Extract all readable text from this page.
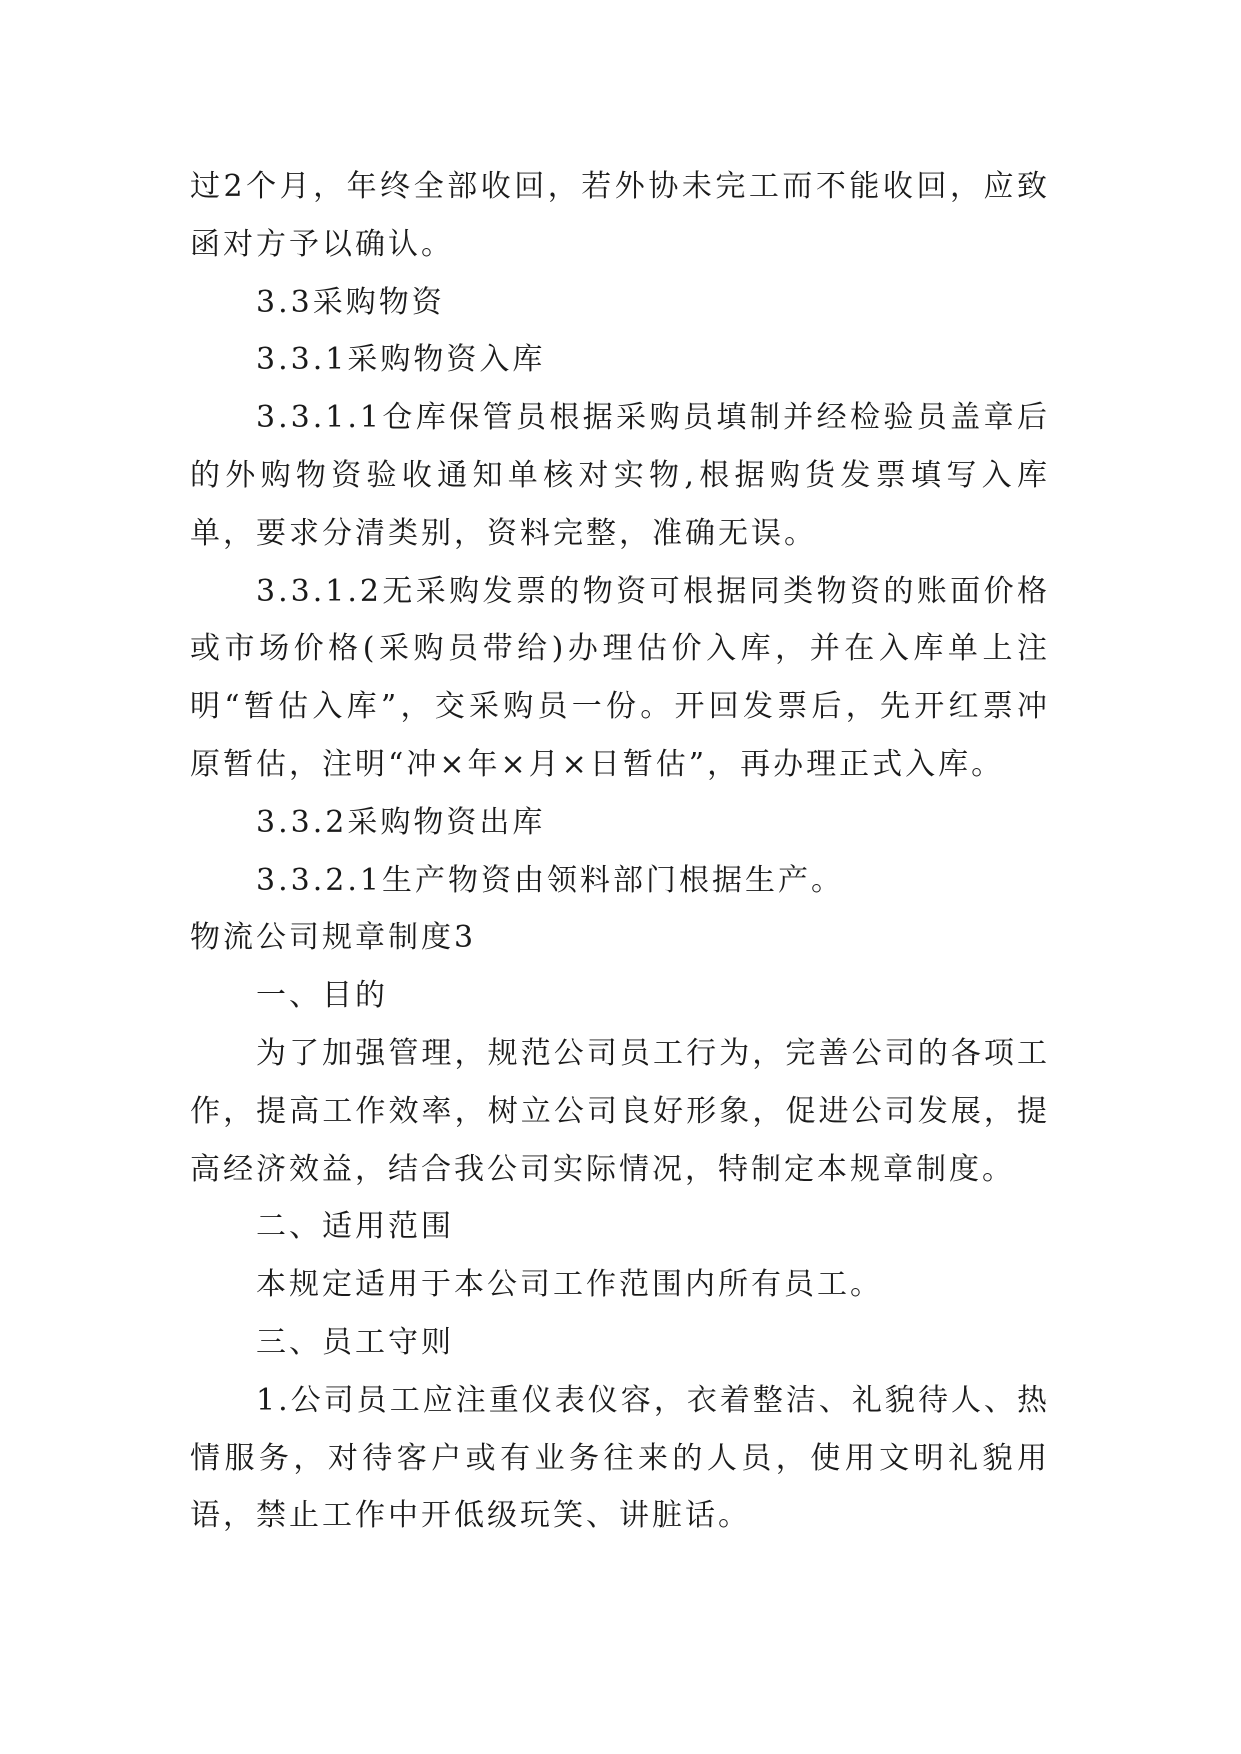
过2个月，年终全部收回，若外协未完工而不能收回，应致函对方予以确认。

3.3采购物资

3.3.1采购物资入库

3.3.1.1仓库保管员根据采购员填制并经检验员盖章后的外购物资验收通知单核对实物,根据购货发票填写入库单，要求分清类别，资料完整，准确无误。

3.3.1.2无采购发票的物资可根据同类物资的账面价格或市场价格(采购员带给)办理估价入库，并在入库单上注明“暂估入库”，交采购员一份。开回发票后，先开红票冲原暂估，注明“冲×年×月×日暂估”，再办理正式入库。

3.3.2采购物资出库

3.3.2.1生产物资由领料部门根据生产。

物流公司规章制度3

一、目的

为了加强管理，规范公司员工行为，完善公司的各项工作，提高工作效率，树立公司良好形象，促进公司发展，提高经济效益，结合我公司实际情况，特制定本规章制度。

二、适用范围

本规定适用于本公司工作范围内所有员工。

三、员工守则

1.公司员工应注重仪表仪容，衣着整洁、礼貌待人、热情服务，对待客户或有业务往来的人员，使用文明礼貌用语，禁止工作中开低级玩笑、讲脏话。
